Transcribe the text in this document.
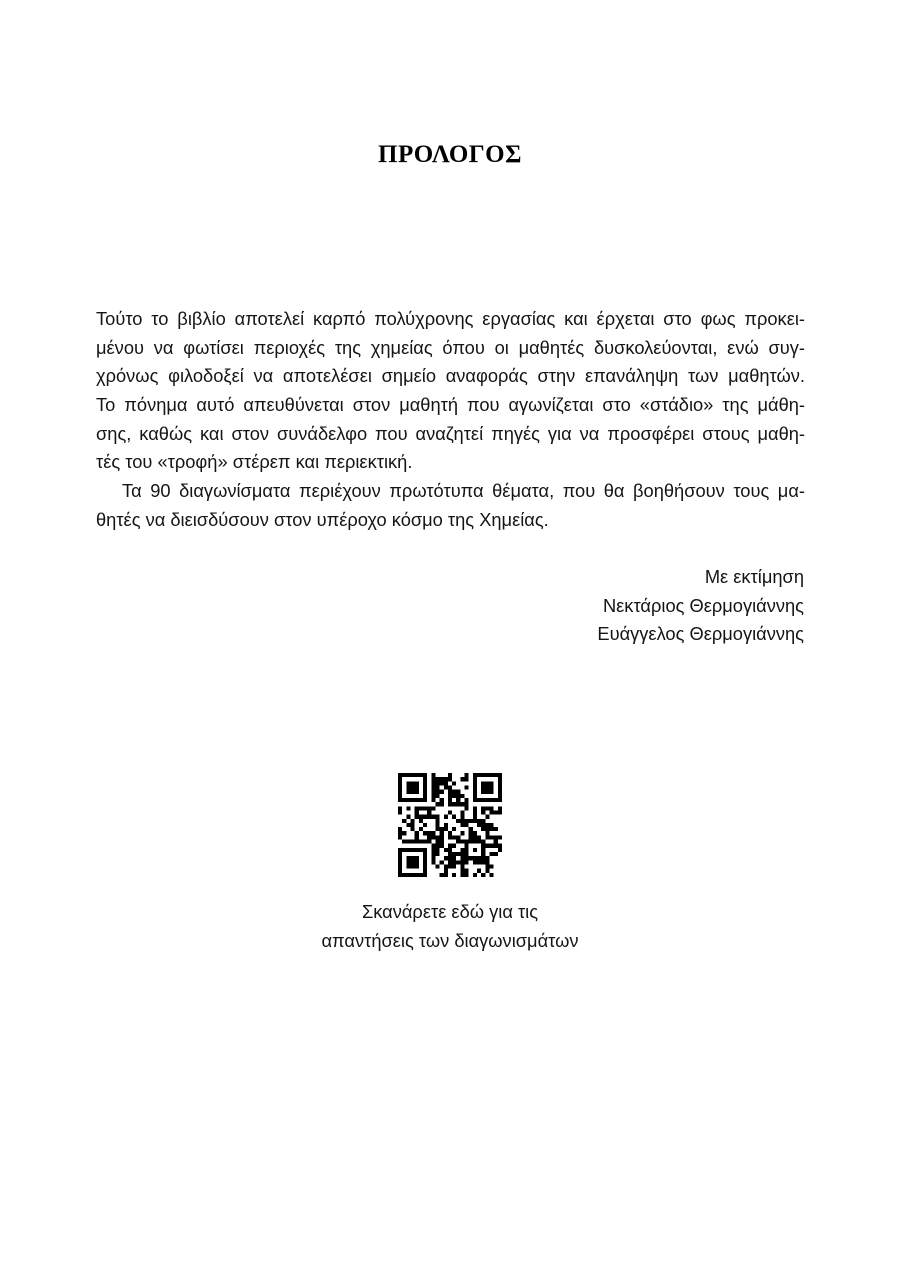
ΠΡΟΛΟΓΟΣ
Τούτο το βιβλίο αποτελεί καρπό πολύχρονης εργασίας και έρχεται στο φως προκει-
μένου να φωτίσει περιοχές της χημείας όπου οι μαθητές δυσκολεύονται, ενώ συγ-
χρόνως φιλοδοξεί να αποτελέσει σημείο αναφοράς στην επανάληψη των μαθητών.
Το πόνημα αυτό απευθύνεται στον μαθητή που αγωνίζεται στο «στάδιο» της μάθη-
σης, καθώς και στον συνάδελφο που αναζητεί πηγές για να προσφέρει στους μαθη-
τές του «τροφή» στέρεπ και περιεκτική.
Τα 90 διαγωνίσματα περιέχουν πρωτότυπα θέματα, που θα βοηθήσουν τους μα-
θητές να διεισδύσουν στον υπέροχο κόσμο της Χημείας.
Με εκτίμηση
Νεκτάριος Θερμογιάννης
Ευάγγελος Θερμογιάννης
Σκανάρετε εδώ για τις
απαντήσεις των διαγωνισμάτων
